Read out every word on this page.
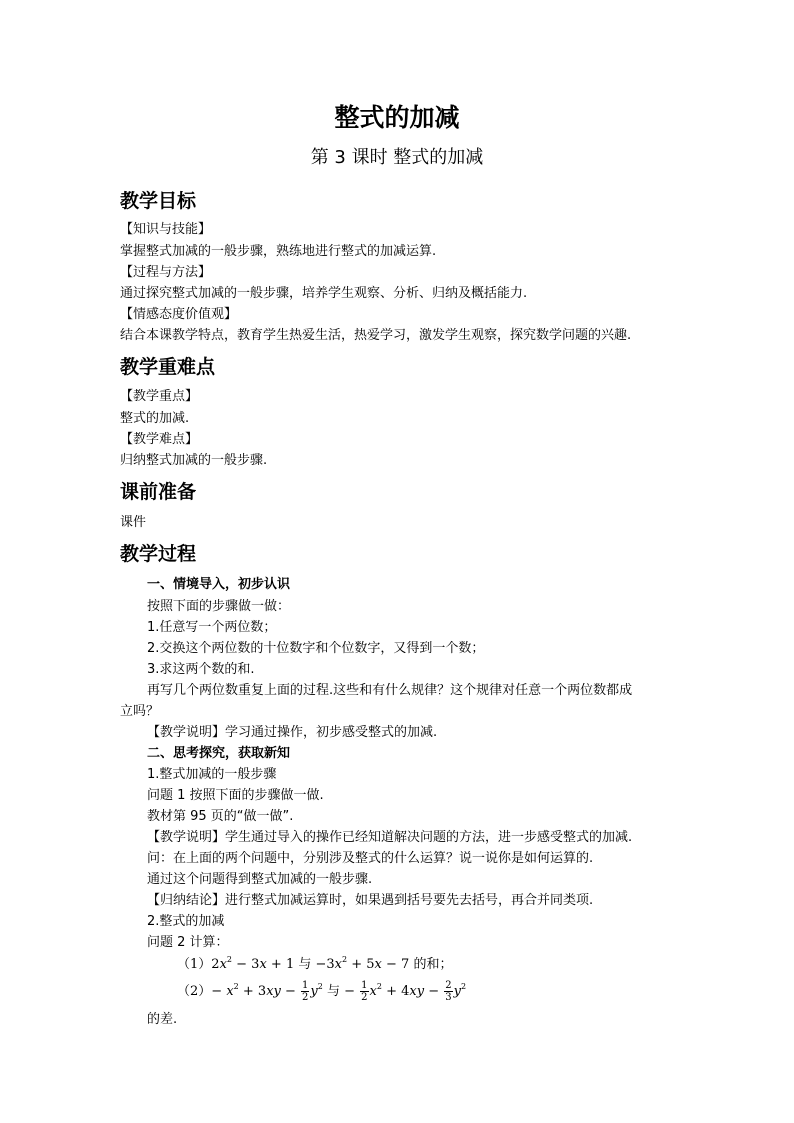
整式的加减
第 3 课时 整式的加减
教学目标
【知识与技能】
掌握整式加减的一般步骤，熟练地进行整式的加减运算.
【过程与方法】
通过探究整式加减的一般步骤，培养学生观察、分析、归纳及概括能力.
【情感态度价值观】
结合本课教学特点，教育学生热爱生活，热爱学习，激发学生观察，探究数学问题的兴趣.
教学重难点
【教学重点】
整式的加减.
【教学难点】
归纳整式加减的一般步骤.
课前准备
课件
教学过程
一、情境导入，初步认识
按照下面的步骤做一做：
1.任意写一个两位数；
2.交换这个两位数的十位数字和个位数字，又得到一个数；
3.求这两个数的和.
再写几个两位数重复上面的过程.这些和有什么规律？这个规律对任意一个两位数都成
立吗？
【教学说明】学习通过操作，初步感受整式的加减.
二、思考探究，获取新知
1.整式加减的一般步骤
问题 1 按照下面的步骤做一做.
教材第 95 页的“做一做”.
【教学说明】学生通过导入的操作已经知道解决问题的方法，进一步感受整式的加减.
问：在上面的两个问题中，分别涉及整式的什么运算？说一说你是如何运算的.
通过这个问题得到整式加减的一般步骤.
【归纳结论】进行整式加减运算时，如果遇到括号要先去括号，再合并同类项.
2.整式的加减
问题 2 计算：
$(1)2x^2 - 3x + 1$ 与 $-3x^2 + 5x - 7$ 的和；
$(2)- x^2 + 3xy - \frac{1}{2} y^2$ 与 − $\frac{1}{2} x^2 + 4xy - \frac{2}{3} y^2$
的差.
